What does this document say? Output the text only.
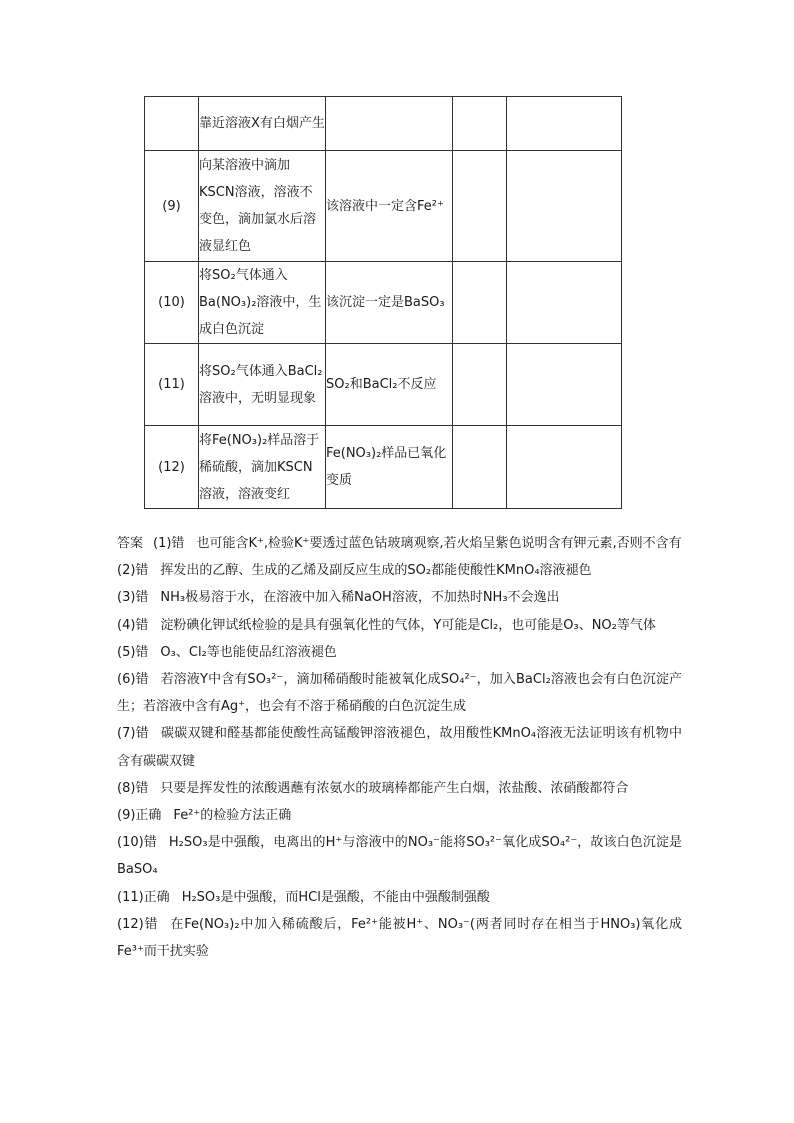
	靠近溶液X有白烟产生			
(9)	向某溶液中滴加KSCN溶液，溶液不变色，滴加氯水后溶液显红色	该溶液中一定含Fe²⁺		
(10)	将SO₂气体通入Ba(NO₃)₂溶液中，生成白色沉淀	该沉淀一定是BaSO₃		
(11)	将SO₂气体通入BaCl₂溶液中，无明显现象	SO₂和BaCl₂不反应		
(12)	将Fe(NO₃)₂样品溶于稀硫酸，滴加KSCN溶液，溶液变红	Fe(NO₃)₂样品已氧化变质		

答案 (1)错 也可能含K⁺,检验K⁺要透过蓝色钴玻璃观察,若火焰呈紫色说明含有钾元素,否则不含有

(2)错 挥发出的乙醇、生成的乙烯及副反应生成的SO₂都能使酸性KMnO₄溶液褪色

(3)错 NH₃极易溶于水，在溶液中加入稀NaOH溶液，不加热时NH₃不会逸出

(4)错 淀粉碘化钾试纸检验的是具有强氧化性的气体，Y可能是Cl₂，也可能是O₃、NO₂等气体

(5)错 O₃、Cl₂等也能使品红溶液褪色

(6)错 若溶液Y中含有SO₃²⁻，滴加稀硝酸时能被氧化成SO₄²⁻，加入BaCl₂溶液也会有白色沉淀产生；若溶液中含有Ag⁺，也会有不溶于稀硝酸的白色沉淀生成

(7)错 碳碳双键和醛基都能使酸性高锰酸钾溶液褪色，故用酸性KMnO₄溶液无法证明该有机物中含有碳碳双键

(8)错 只要是挥发性的浓酸遇蘸有浓氨水的玻璃棒都能产生白烟，浓盐酸、浓硝酸都符合

(9)正确 Fe²⁺的检验方法正确

(10)错 H₂SO₃是中强酸，电离出的H⁺与溶液中的NO₃⁻能将SO₃²⁻氧化成SO₄²⁻，故该白色沉淀是BaSO₄

(11)正确 H₂SO₃是中强酸，而HCl是强酸，不能由中强酸制强酸

(12)错 在Fe(NO₃)₂中加入稀硫酸后，Fe²⁺能被H⁺、NO₃⁻(两者同时存在相当于HNO₃)氧化成Fe³⁺而干扰实验
